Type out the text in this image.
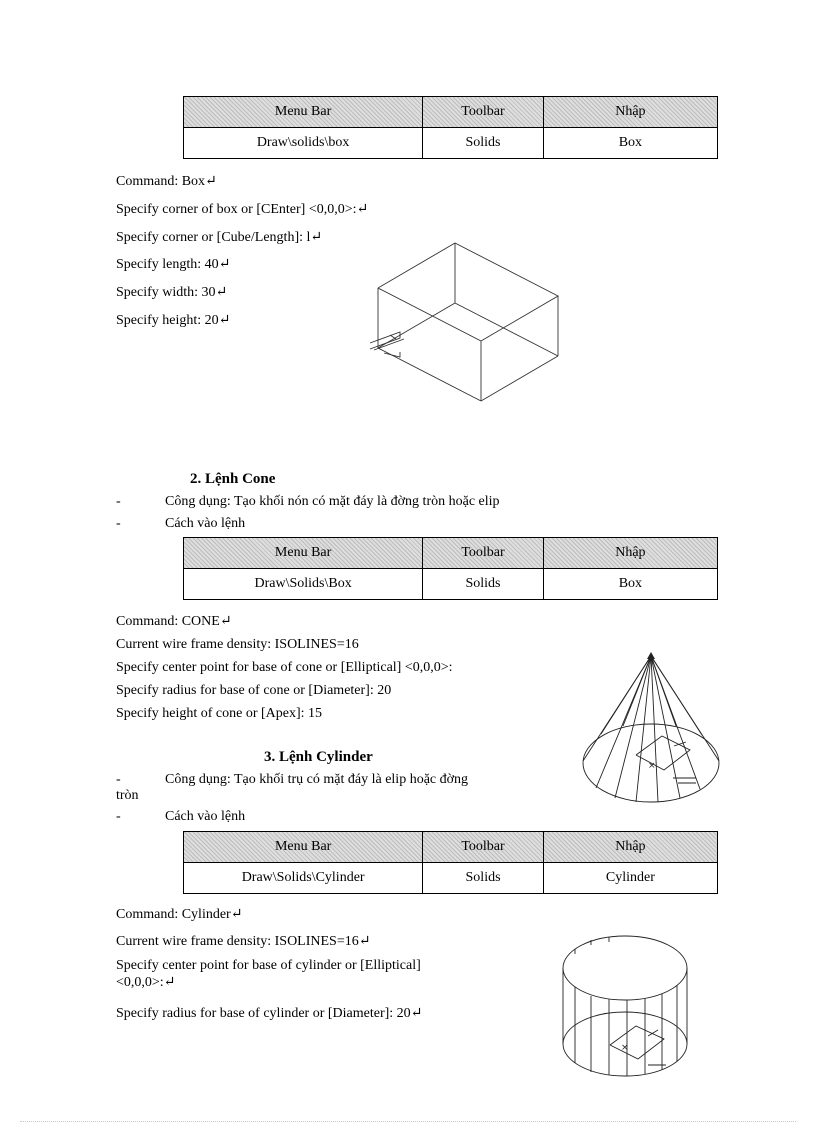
Menu Bar	Toolbar	Nhập
Draw\solids\box	Solids	Box
Command: Box↵
Specify corner of box or [CEnter] <0,0,0>:↵
Specify corner or [Cube/Length]: l↵
Specify length: 40↵
Specify width: 30↵
Specify height: 20↵
2. Lệnh Cone
-	Công dụng: Tạo khối nón có mặt đáy là đờng tròn hoặc elip
-	Cách vào lệnh
Menu Bar	Toolbar	Nhập
Draw\Solids\Box	Solids	Box
Command: CONE↵
Current wire frame density: ISOLINES=16
Specify center point for base of cone or [Elliptical] <0,0,0>:
Specify radius for base of cone or [Diameter]: 20
Specify height of cone or [Apex]: 15
×
3. Lệnh Cylinder
-	Công dụng: Tạo khối trụ có mặt đáy là elip hoặc đờng
tròn
-	Cách vào lệnh
Menu Bar	Toolbar	Nhập
Draw\Solids\Cylinder	Solids	Cylinder
Command: Cylinder↵
Current wire frame density: ISOLINES=16↵
Specify center point for base of cylinder or [Elliptical]
<0,0,0>:↵
Specify radius for base of cylinder or [Diameter]: 20↵
×
